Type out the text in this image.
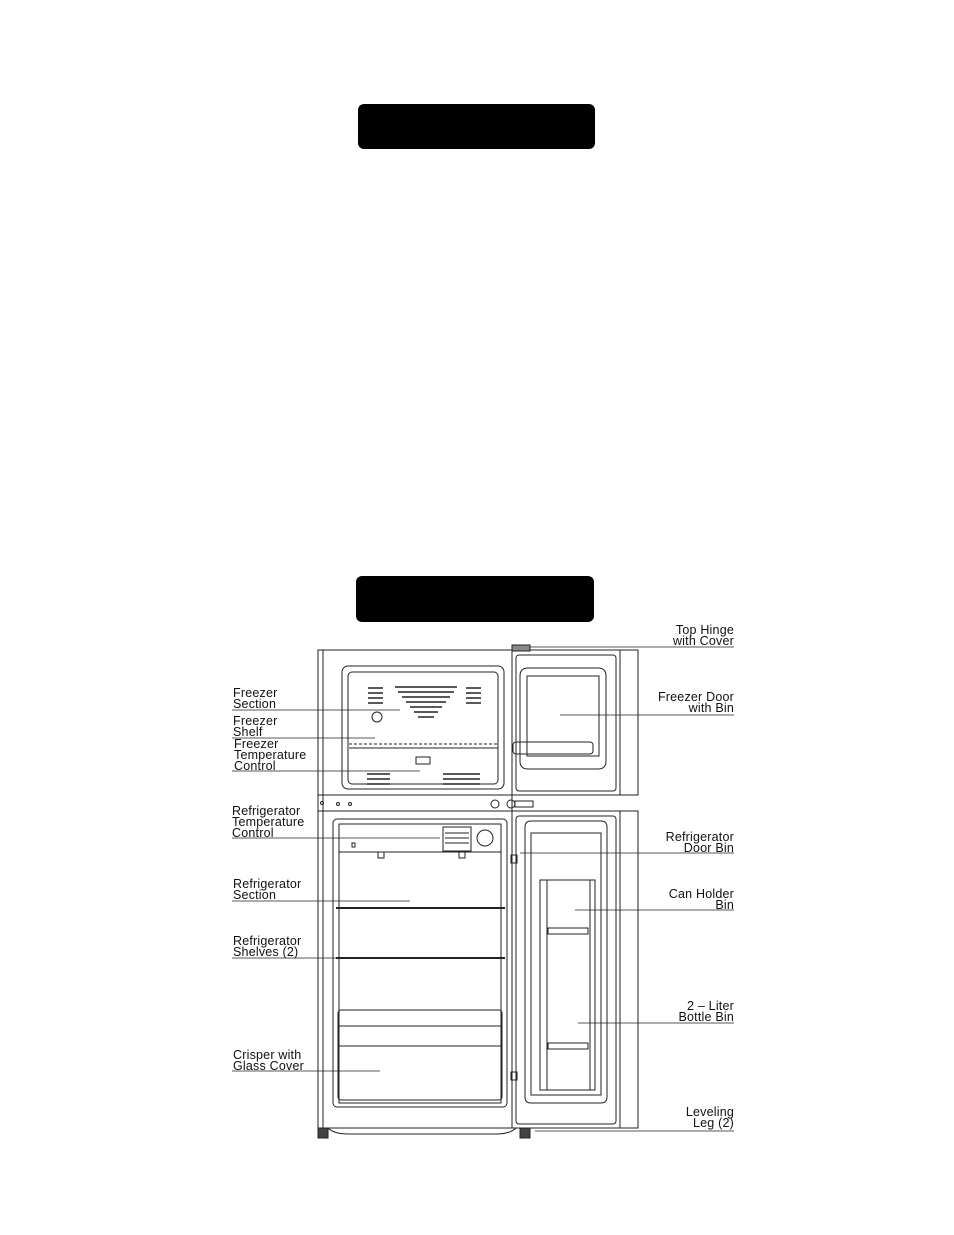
Freezer
Section
Freezer
Shelf
Freezer
Temperature
Control
Refrigerator
Temperature
Control
Refrigerator
Section
Refrigerator
Shelves (2)
Crisper with
Glass Cover
Top Hinge
with Cover
Freezer Door
with Bin
Refrigerator
Door Bin
Can Holder
Bin
2 – Liter
Bottle Bin
Leveling
Leg (2)
